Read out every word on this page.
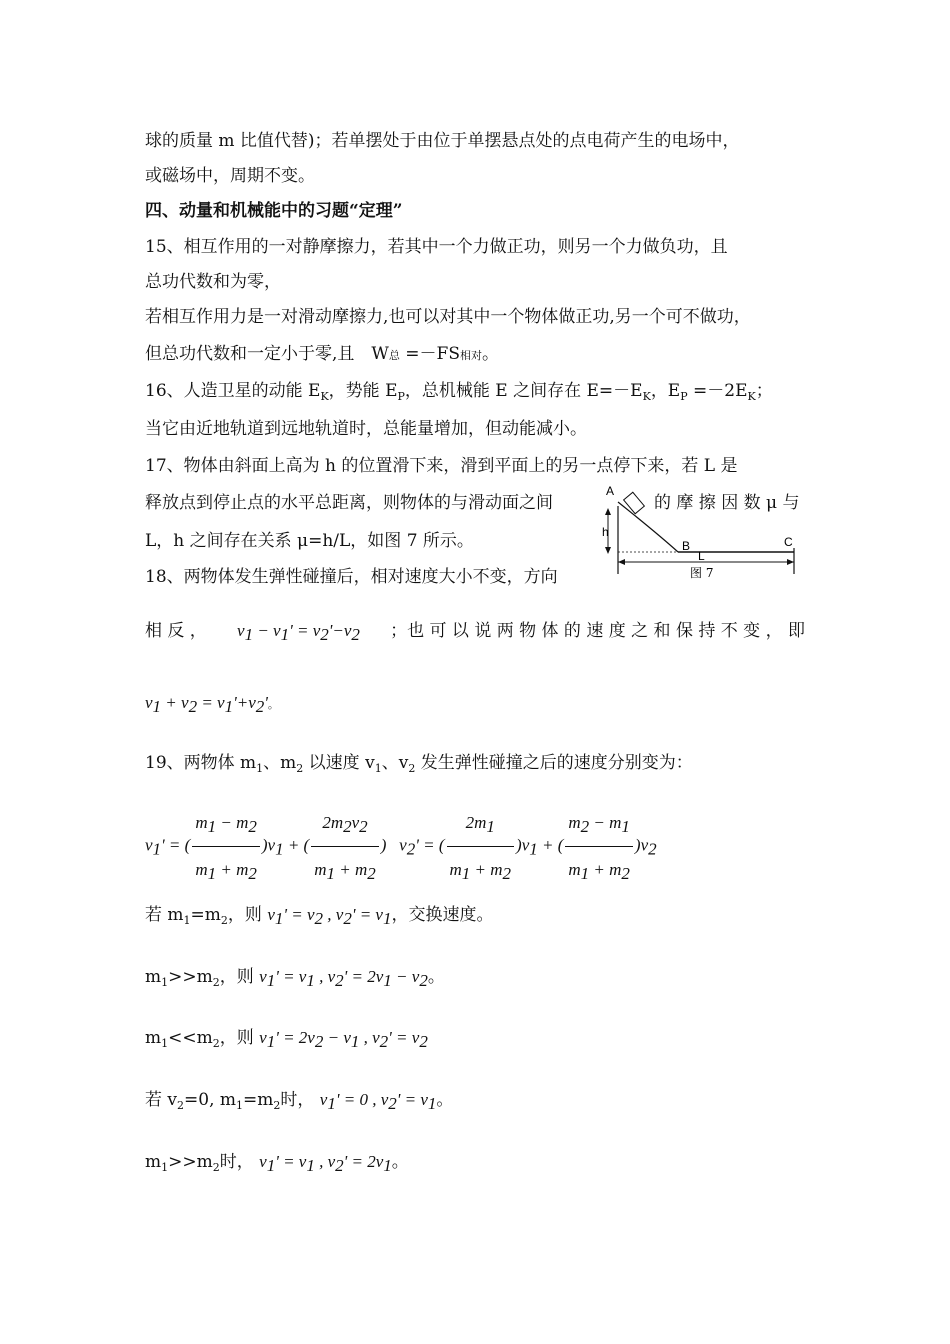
球的质量 m 比值代替)；若单摆处于由位于单摆悬点处的点电荷产生的电场中，
或磁场中，周期不变。
四、动量和机械能中的习题“定理”
15、相互作用的一对静摩擦力，若其中一个力做正功，则另一个力做负功，且
总功代数和为零，
若相互作用力是一对滑动摩擦力,也可以对其中一个物体做正功,另一个可不做功，
但总功代数和一定小于零,且　W总 =－FS相对。
16、人造卫星的动能 $E_K$，势能 $E_P$，总机械能 E 之间存在 $E=-E_K$，$E_P =-2E_K$；
当它由近地轨道到远地轨道时，总能量增加，但动能减小。
17、物体由斜面上高为 h 的位置滑下来，滑到平面上的另一点停下来，若 L 是
释放点到停止点的水平总距离，则物体的与滑动面之间	的 摩 擦 因 数 μ 与
L，h 之间存在关系 μ=h/L，如图 7 所示。
18、两物体发生弹性碰撞后，相对速度大小不变，方向
A
h
B	C
L
图 7
相 反 ， $v_1 - v_1' = v_2'-v_2$ ；也 可 以 说 两 物 体 的 速 度 之 和 保 持 不 变 ， 即
$v_1 + v_2 = v_1'+v_2'$。
19、两物体 $m_1$、$m_2$ 以速度 $v_1$、$v_2$ 发生弹性碰撞之后的速度分别变为：
$v_1'$ = ( $\frac{m_1 - m_2}{m_1 + m_2} )v_1$ + ( $\frac{2m_2v_2}{m_1 + m_2}$ )   $v_2'$ = ( $\frac{2m_1}{m_1 + m_2} )v_1$ + ( $\frac{m_2 - m_1}{m_1 + m_2} )v_2$
若 $m_1=m_2$，则 $v_1' = v_2$ , $v_2' = v_1$，交换速度。
$m_1>>m_2$，则 $v_1' = v_1$ , $v_2' = 2v_1 - v_2$。
$m_1<<m_2$，则 $v_1' = 2v_2 - v_1$ , $v_2' = v_2$
若 $v_2=0$, $m_1=m_2$时， $v_1' = 0$ , $v_2' = v_1$。
$m_1>>m_2$时， $v_1' = v_1$ , $v_2' = 2v_1$。
